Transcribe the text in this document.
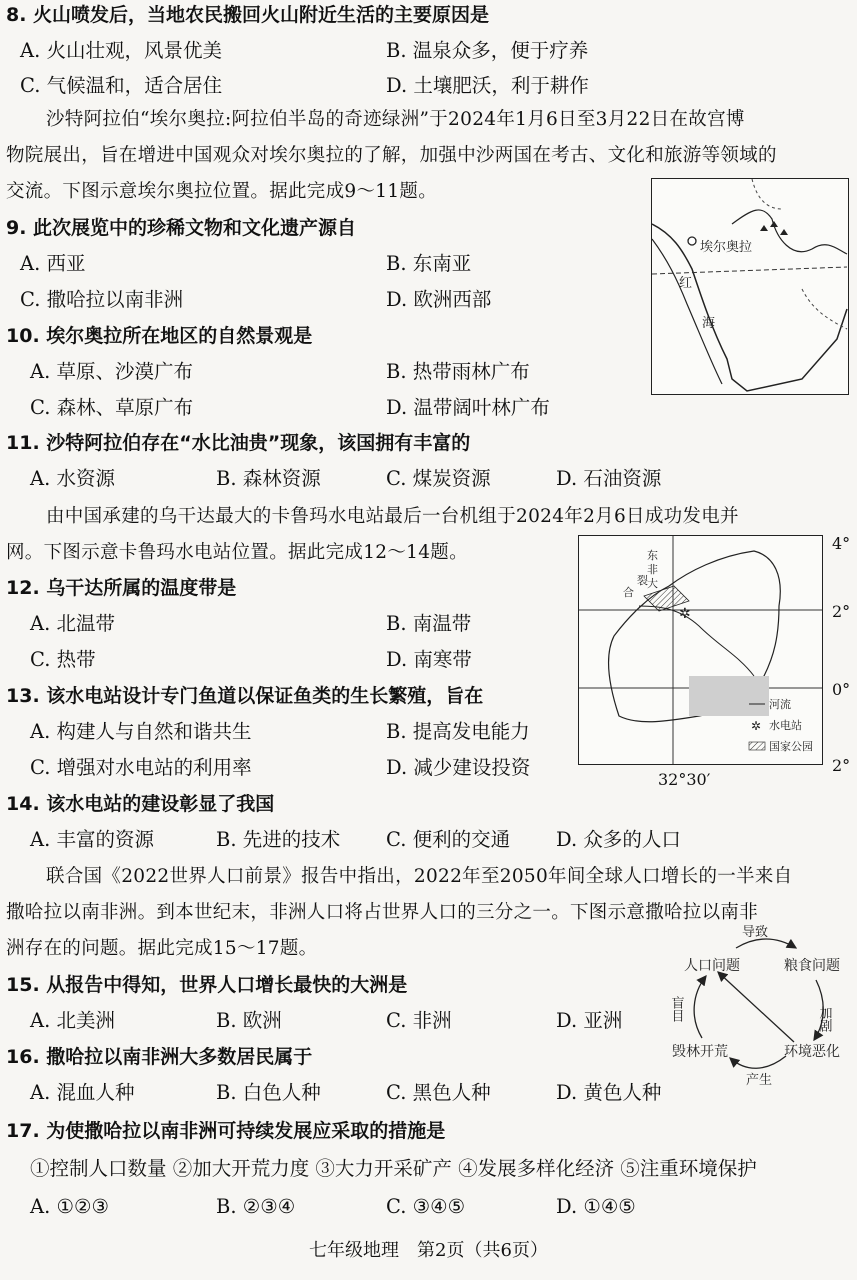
8. 火山喷发后，当地农民搬回火山附近生活的主要原因是
A. 火山壮观，风景优美	B. 温泉众多，便于疗养
C. 气候温和，适合居住	D. 土壤肥沃，利于耕作
沙特阿拉伯“埃尔奥拉:阿拉伯半岛的奇迹绿洲”于2024年1月6日至3月22日在故宫博
物院展出，旨在增进中国观众对埃尔奥拉的了解，加强中沙两国在考古、文化和旅游等领域的
交流。下图示意埃尔奥拉位置。据此完成9～11题。
埃尔奥拉
红
海
9. 此次展览中的珍稀文物和文化遗产源自
A. 西亚	B. 东南亚
C. 撒哈拉以南非洲	D. 欧洲西部
10. 埃尔奥拉所在地区的自然景观是
A. 草原、沙漠广布	B. 热带雨林广布
C. 森林、草原广布	D. 温带阔叶林广布
11. 沙特阿拉伯存在“水比油贵”现象，该国拥有丰富的
A. 水资源	B. 森林资源	C. 煤炭资源	D. 石油资源
由中国承建的乌干达最大的卡鲁玛水电站最后一台机组于2024年2月6日成功发电并
网。下图示意卡鲁玛水电站位置。据此完成12～14题。
✲
东
非
大
合
裂
河流
✲ 水电站
国家公园
4°
2°
0°
2°
32°30′
12. 乌干达所属的温度带是
A. 北温带	B. 南温带
C. 热带	D. 南寒带
13. 该水电站设计专门鱼道以保证鱼类的生长繁殖，旨在
A. 构建人与自然和谐共生	B. 提高发电能力
C. 增强对水电站的利用率	D. 减少建设投资
14. 该水电站的建设彰显了我国
A. 丰富的资源	B. 先进的技术 C. 便利的交通 D. 众多的人口
联合国《2022世界人口前景》报告中指出，2022年至2050年间全球人口增长的一半来自
撒哈拉以南非洲。到本世纪末，非洲人口将占世界人口的三分之一。下图示意撒哈拉以南非
洲存在的问题。据此完成15～17题。
人口问题	粮食问题
环境恶化
毁林开荒
导致
加剧
产生
盲目
15. 从报告中得知，世界人口增长最快的大洲是
A. 北美洲	B. 欧洲	C. 非洲	D. 亚洲
16. 撒哈拉以南非洲大多数居民属于
A. 混血人种	B. 白色人种	C. 黑色人种	D. 黄色人种
17. 为使撒哈拉以南非洲可持续发展应采取的措施是
①控制人口数量 ②加大开荒力度 ③大力开采矿产 ④发展多样化经济 ⑤注重环境保护
A. ①②③	B. ②③④	C. ③④⑤	D. ①④⑤
七年级地理　第2页（共6页）
